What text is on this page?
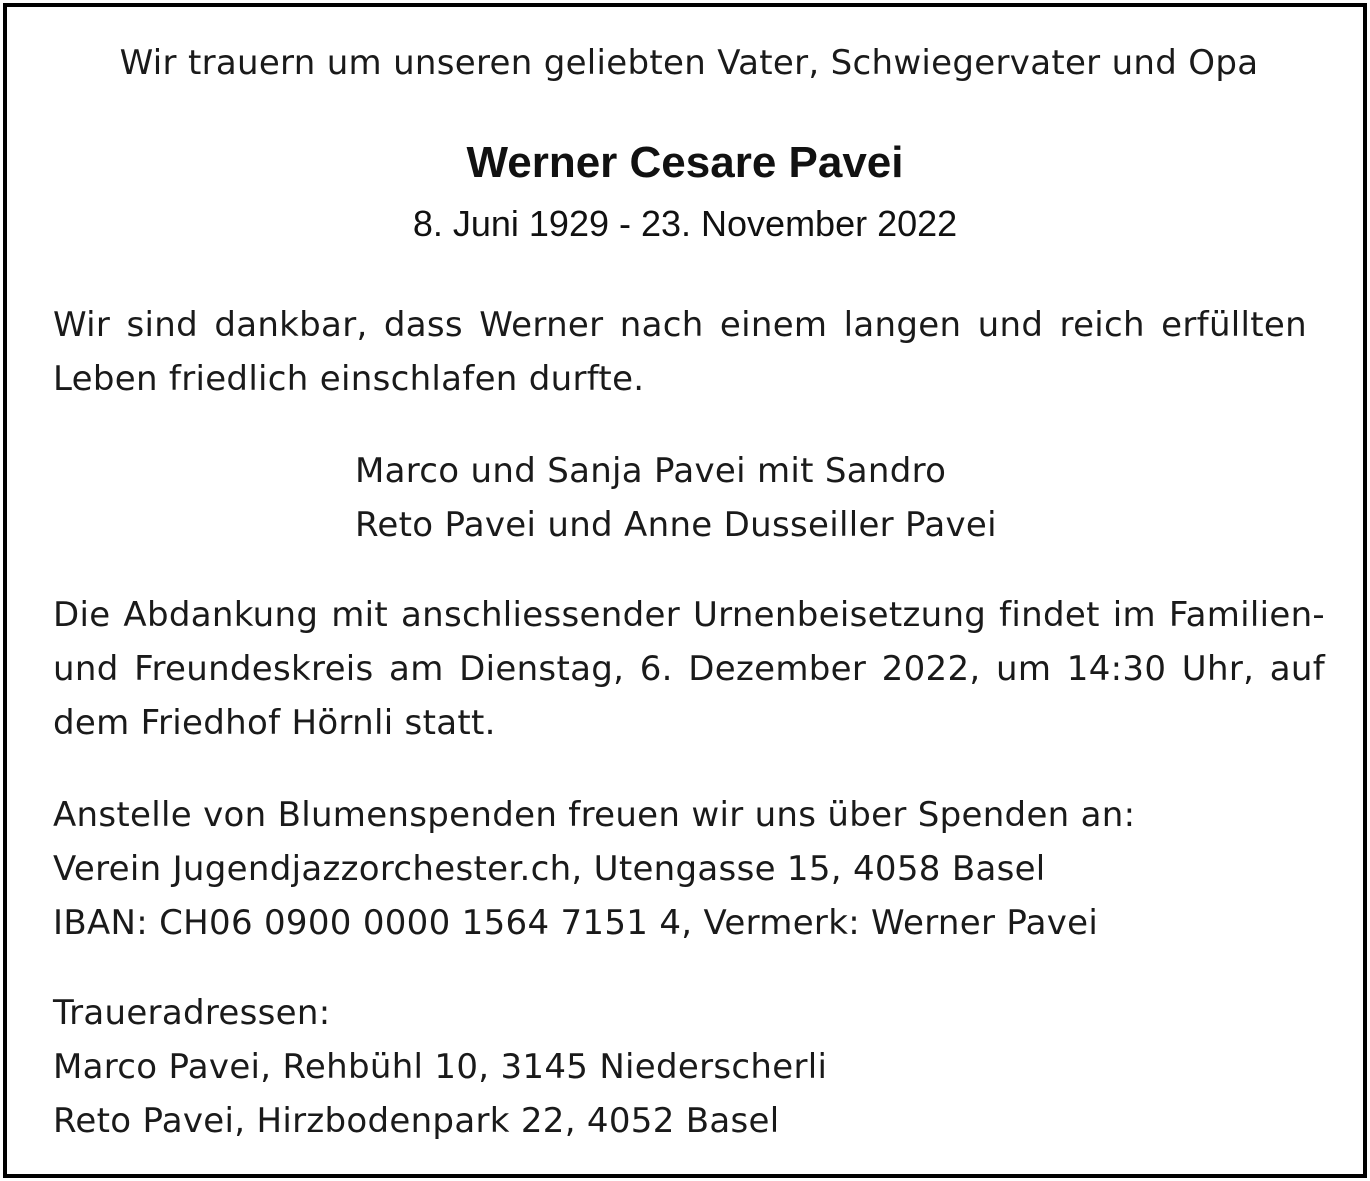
Wir trauern um unseren geliebten Vater, Schwiegervater und Opa

Werner Cesare Pavei

8. Juni 1929 - 23. November 2022

Wir sind dankbar, dass Werner nach einem langen und reich erfüllten Leben friedlich einschlafen durfte.

Marco und Sanja Pavei mit Sandro
Reto Pavei und Anne Dusseiller Pavei

Die Abdankung mit anschliessender Urnenbeisetzung findet im Familien- und Freundeskreis am Dienstag, 6. Dezember 2022, um 14:30 Uhr, auf dem Friedhof Hörnli statt.

Anstelle von Blumenspenden freuen wir uns über Spenden an:
Verein Jugendjazzorchester.ch, Utengasse 15, 4058 Basel
IBAN: CH06 0900 0000 1564 7151 4, Vermerk: Werner Pavei
Traueradressen:
Marco Pavei, Rehbühl 10, 3145 Niederscherli
Reto Pavei, Hirzbodenpark 22, 4052 Basel
